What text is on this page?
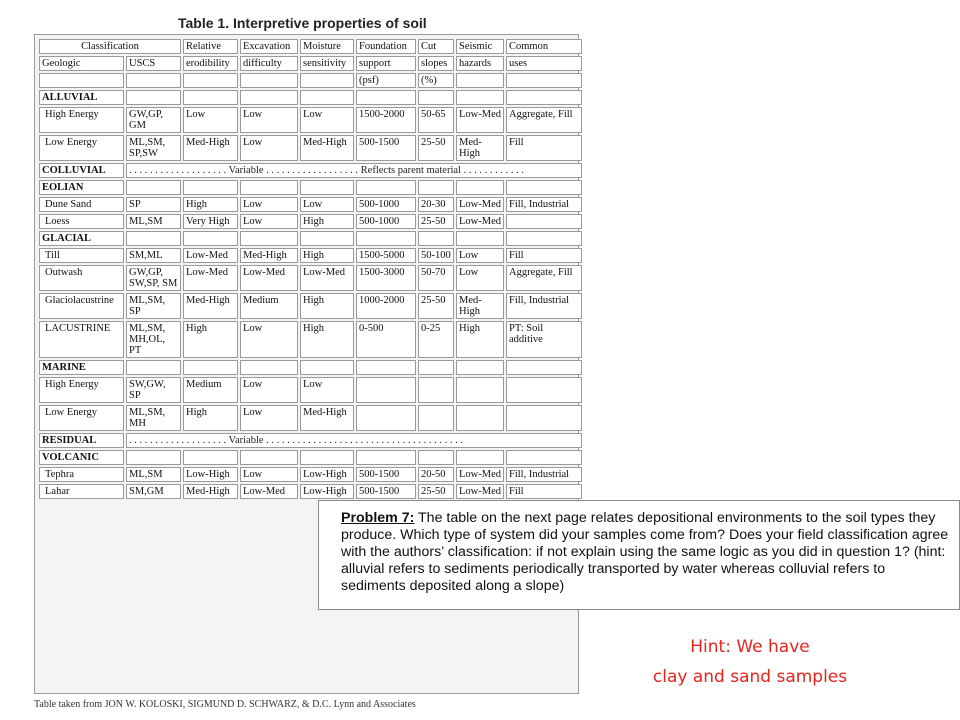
Table 1. Interpretive properties of soil
Classification		Relative	Excavation	Moisture	Foundation	Cut	Seismic	Common
Geologic	USCS	erodibility	difficulty	sensitivity	support	slopes	hazards	uses
					(psf)	(%)		
ALLUVIAL								
High Energy	GW,GP, GM	Low	Low	Low	1500-2000	50-65	Low-Med	Aggregate, Fill
Low Energy	ML,SM, SP,SW	Med-High	Low	Med-High	500-1500	25-50	Med-High	Fill
COLLUVIAL	. . . . . . . . . . . . . . . . . . . Variable . . . . . . . . . . . . . . . . . . Reflects parent material . . . . . . . . . . . .							
EOLIAN								
Dune Sand	SP	High	Low	Low	500-1000	20-30	Low-Med	Fill, Industrial
Loess	ML,SM	Very High	Low	High	500-1000	25-50	Low-Med	
GLACIAL								
Till	SM,ML	Low-Med	Med-High	High	1500-5000	50-100	Low	Fill
Outwash	GW,GP, SW,SP, SM	Low-Med	Low-Med	Low-Med	1500-3000	50-70	Low	Aggregate, Fill
Glaciolacustrine	ML,SM, SP	Med-High	Medium	High	1000-2000	25-50	Med-High	Fill, Industrial
LACUSTRINE	ML,SM, MH,OL, PT	High	Low	High	0-500	0-25	High	PT: Soil additive
MARINE								
High Energy	SW,GW, SP	Medium	Low	Low				
Low Energy	ML,SM, MH	High	Low	Med-High				
RESIDUAL	. . . . . . . . . . . . . . . . . . . Variable . . . . . . . . . . . . . . . . . . . . . . . . . . . . . . . . . . . . . .							
VOLCANIC								
Tephra	ML,SM	Low-High	Low	Low-High	500-1500	20-50	Low-Med	Fill, Industrial
Lahar	SM,GM	Med-High	Low-Med	Low-High	500-1500	25-50	Low-Med	Fill
Table taken from JON W. KOLOSKI, SIGMUND D. SCHWARZ, & D.C. Lynn and Associates
Problem 7: The table on the next page relates depositional environments to the soil types they produce. Which type of system did your samples come from? Does your field classification agree with the authors’ classification: if not explain using the same logic as you did in question 1? (hint: alluvial refers to sediments periodically transported by water whereas colluvial refers to sediments deposited along a slope)
Hint: We have
clay and sand samples
